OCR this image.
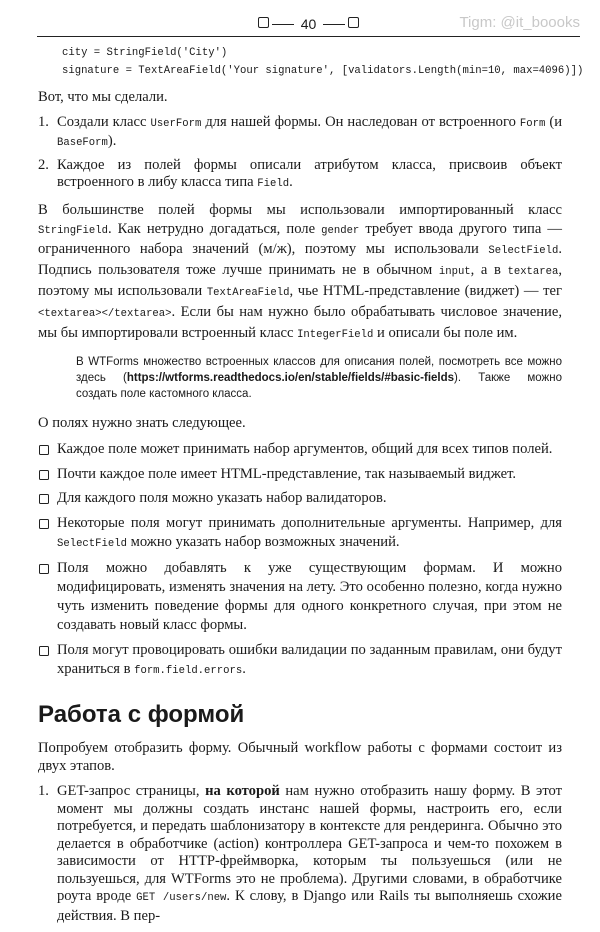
40	Tigm: @it_boooks
city = StringField('City')
signature = TextAreaField('Your signature', [validators.Length(min=10, max=4096)])

Вот, что мы сделали.

1. Создали класс UserForm для нашей формы. Он наследован от встроенного Form (и BaseForm).
2. Каждое из полей формы описали атрибутом класса, присвоив объект встроенного в либу класса типа Field.

В большинстве полей формы мы использовали импортированный класс StringField. Как нетрудно догадаться, поле gender требует ввода другого типа — ограниченного набора значений (м/ж), поэтому мы использовали SelectField. Подпись пользователя тоже лучше принимать не в обычном input, а в textarea, поэтому мы использовали TextAreaField, чье HTML-представление (виджет) — тег <textarea></textarea>. Если бы нам нужно было обрабатывать числовое значение, мы бы импортировали встроенный класс IntegerField и описали бы поле им.

В WTForms множество встроенных классов для описания полей, посмотреть все можно здесь (https://wtforms.readthedocs.io/en/stable/fields/#basic-fields). Также можно создать поле кастомного класса.

О полях нужно знать следующее.

Каждое поле может принимать набор аргументов, общий для всех типов полей.
Почти каждое поле имеет HTML-представление, так называемый виджет.
Для каждого поля можно указать набор валидаторов.
Некоторые поля могут принимать дополнительные аргументы. Например, для SelectField можно указать набор возможных значений.
Поля можно добавлять к уже существующим формам. И можно модифицировать, изменять значения на лету. Это особенно полезно, когда нужно чуть изменить поведение формы для одного конкретного случая, при этом не создавать новый класс формы.
Поля могут провоцировать ошибки валидации по заданным правилам, они будут храниться в form.field.errors.
Работа с формой

Попробуем отобразить форму. Обычный workflow работы с формами состоит из двух этапов.

1. GET-запрос страницы, на которой нам нужно отобразить нашу форму. В этот момент мы должны создать инстанс нашей формы, настроить его, если потребуется, и передать шаблонизатору в контексте для рендеринга. Обычно это делается в обработчике (action) контроллера GET-запроса и чем-то похожем в зависимости от HTTP-фреймворка, которым ты пользуешься (или не пользуешься, для WTForms это не проблема). Другими словами, в обработчике роута вроде GET /users/new. К слову, в Django или Rails ты выполняешь схожие действия. В пер-
